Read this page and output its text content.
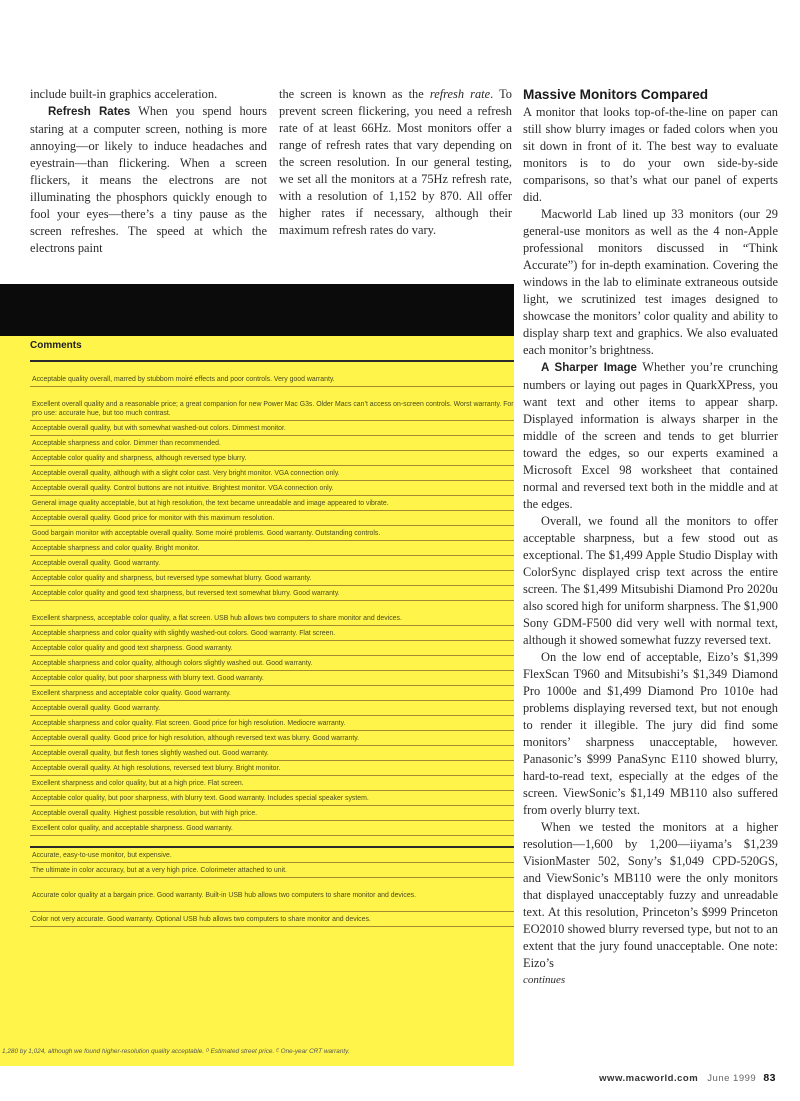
include built-in graphics acceleration.

Refresh Rates When you spend hours staring at a computer screen, nothing is more annoying—or likely to induce headaches and eyestrain—than flickering. When a screen flickers, it means the electrons are not illuminating the phosphors quickly enough to fool your eyes—there’s a tiny pause as the screen refreshes. The speed at which the electrons paint

the screen is known as the refresh rate. To prevent screen flickering, you need a refresh rate of at least 66Hz. Most monitors offer a range of refresh rates that vary depending on the screen resolution. In our general testing, we set all the monitors at a 75Hz refresh rate, with a resolution of 1,152 by 870. All offer higher rates if necessary, although their maximum refresh rates do vary.

Massive Monitors Compared

A monitor that looks top-of-the-line on paper can still show blurry images or faded colors when you sit down in front of it. The best way to evaluate monitors is to do your own side-by-side comparisons, so that’s what our panel of experts did.

Macworld Lab lined up 33 monitors (our 29 general-use monitors as well as the 4 non-Apple professional monitors discussed in “Think Accurate”) for in-depth examination. Covering the windows in the lab to eliminate extraneous outside light, we scrutinized test images designed to showcase the monitors’ color quality and ability to display sharp text and graphics. We also evaluated each monitor’s brightness.

A Sharper Image Whether you’re crunching numbers or laying out pages in QuarkXPress, you want text and other items to appear sharp. Displayed information is always sharper in the middle of the screen and tends to get blurrier toward the edges, so our experts examined a Microsoft Excel 98 worksheet that contained normal and reversed text both in the middle and at the edges.

Overall, we found all the monitors to offer acceptable sharpness, but a few stood out as exceptional. The $1,499 Apple Studio Display with ColorSync displayed crisp text across the entire screen. The $1,499 Mitsubishi Diamond Pro 2020u also scored high for uniform sharpness. The $1,900 Sony GDM-F500 did very well with normal text, although it showed somewhat fuzzy reversed text.

On the low end of acceptable, Eizo’s $1,399 FlexScan T960 and Mitsubishi’s $1,349 Diamond Pro 1000e and $1,499 Diamond Pro 1010e had problems displaying reversed text, but not enough to render it illegible. The jury did find some monitors’ sharpness unacceptable, however. Panasonic’s $999 PanaSync E110 showed blurry, hard-to-read text, especially at the edges of the screen. ViewSonic’s $1,149 MB110 also suffered from overly blurry text.

When we tested the monitors at a higher resolution—1,600 by 1,200—iiyama’s $1,239 VisionMaster 502, Sony’s $1,049 CPD-520GS, and ViewSonic’s MB110 were the only monitors that displayed unacceptably fuzzy and unreadable text. At this resolution, Princeton’s $999 Princeton EO2010 showed blurry reversed type, but not to an extent that the jury found unacceptable. One note: Eizo’s

continues

Comments
Acceptable quality overall, marred by stubborn moiré effects and poor controls. Very good warranty.
Excellent overall quality and a reasonable price; a great companion for new Power Mac G3s. Older Macs can’t access on-screen controls. Worst warranty. For pro use: accurate hue, but too much contrast.
Acceptable overall quality, but with somewhat washed-out colors. Dimmest monitor.
Acceptable sharpness and color. Dimmer than recommended.
Acceptable color quality and sharpness, although reversed type blurry.
Acceptable overall quality, although with a slight color cast. Very bright monitor. VGA connection only.
Acceptable overall quality. Control buttons are not intuitive. Brightest monitor. VGA connection only.
General image quality acceptable, but at high resolution, the text became unreadable and image appeared to vibrate.
Acceptable overall quality. Good price for monitor with this maximum resolution.
Good bargain monitor with acceptable overall quality. Some moiré problems. Good warranty. Outstanding controls.
Acceptable sharpness and color quality. Bright monitor.
Acceptable overall quality. Good warranty.
Acceptable color quality and sharpness, but reversed type somewhat blurry. Good warranty.
Acceptable color quality and good text sharpness, but reversed text somewhat blurry. Good warranty.
Excellent sharpness, acceptable color quality, a flat screen. USB hub allows two computers to share monitor and devices.
Acceptable sharpness and color quality with slightly washed-out colors. Good warranty. Flat screen.
Acceptable color quality and good text sharpness. Good warranty.
Acceptable sharpness and color quality, although colors slightly washed out. Good warranty.
Acceptable color quality, but poor sharpness with blurry text. Good warranty.
Excellent sharpness and acceptable color quality. Good warranty.
Acceptable overall quality. Good warranty.
Acceptable sharpness and color quality. Flat screen. Good price for high resolution. Mediocre warranty.
Acceptable overall quality. Good price for high resolution, although reversed text was blurry. Good warranty.
Acceptable overall quality, but flesh tones slightly washed out. Good warranty.
Acceptable overall quality. At high resolutions, reversed text blurry. Bright monitor.
Excellent sharpness and color quality, but at a high price. Flat screen.
Acceptable color quality, but poor sharpness, with blurry text. Good warranty. Includes special speaker system.
Acceptable overall quality. Highest possible resolution, but with high price.
Excellent color quality, and acceptable sharpness. Good warranty.
Accurate, easy-to-use monitor, but expensive.
The ultimate in color accuracy, but at a very high price. Colorimeter attached to unit.
Accurate color quality at a bargain price. Good warranty. Built-in USB hub allows two computers to share monitor and devices.
Color not very accurate. Good warranty. Optional USB hub allows two computers to share monitor and devices.
1,280 by 1,024, although we found higher-resolution quality acceptable. ᴰ Estimated street price. ᴱ One-year CRT warranty.
www.macworld.com June 1999 83
